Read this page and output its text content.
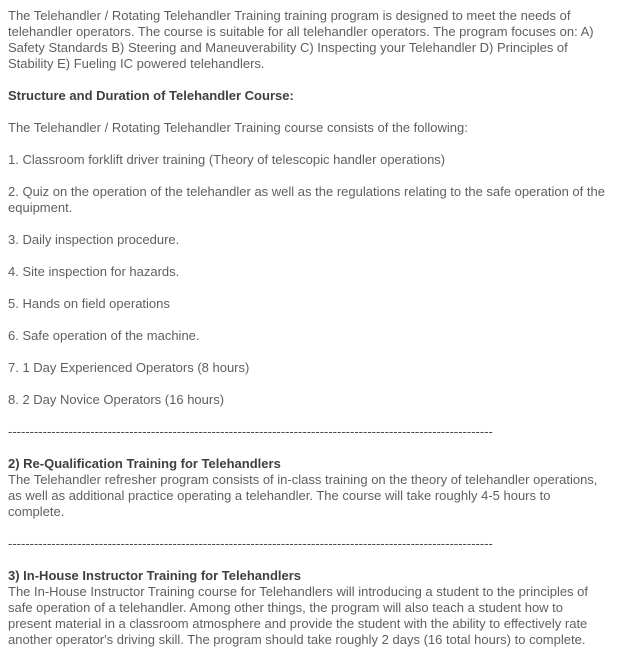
The Telehandler / Rotating Telehandler Training training program is designed to meet the needs of telehandler operators. The course is suitable for all telehandler operators. The program focuses on: A) Safety Standards B) Steering and Maneuverability C) Inspecting your Telehandler D) Principles of Stability E) Fueling IC powered telehandlers.

Structure and Duration of Telehandler Course:

The Telehandler / Rotating Telehandler Training course consists of the following:

1. Classroom forklift driver training (Theory of telescopic handler operations)

2. Quiz on the operation of the telehandler as well as the regulations relating to the safe operation of the equipment.

3. Daily inspection procedure.

4. Site inspection for hazards.

5. Hands on field operations

6. Safe operation of the machine.

7. 1 Day Experienced Operators (8 hours)

8. 2 Day Novice Operators (16 hours)

----------------------------------------------------------------------------------------------------------------

2) Re-Qualification Training for Telehandlers
The Telehandler refresher program consists of in-class training on the theory of telehandler operations, as well as additional practice operating a telehandler. The course will take roughly 4-5 hours to complete.

----------------------------------------------------------------------------------------------------------------

3) In-House Instructor Training for Telehandlers
The In-House Instructor Training course for Telehandlers will introducing a student to the principles of safe operation of a telehandler. Among other things, the program will also teach a student how to present material in a classroom atmosphere and provide the student with the ability to effectively rate another operator's driving skill. The program should take roughly 2 days (16 total hours) to complete.
